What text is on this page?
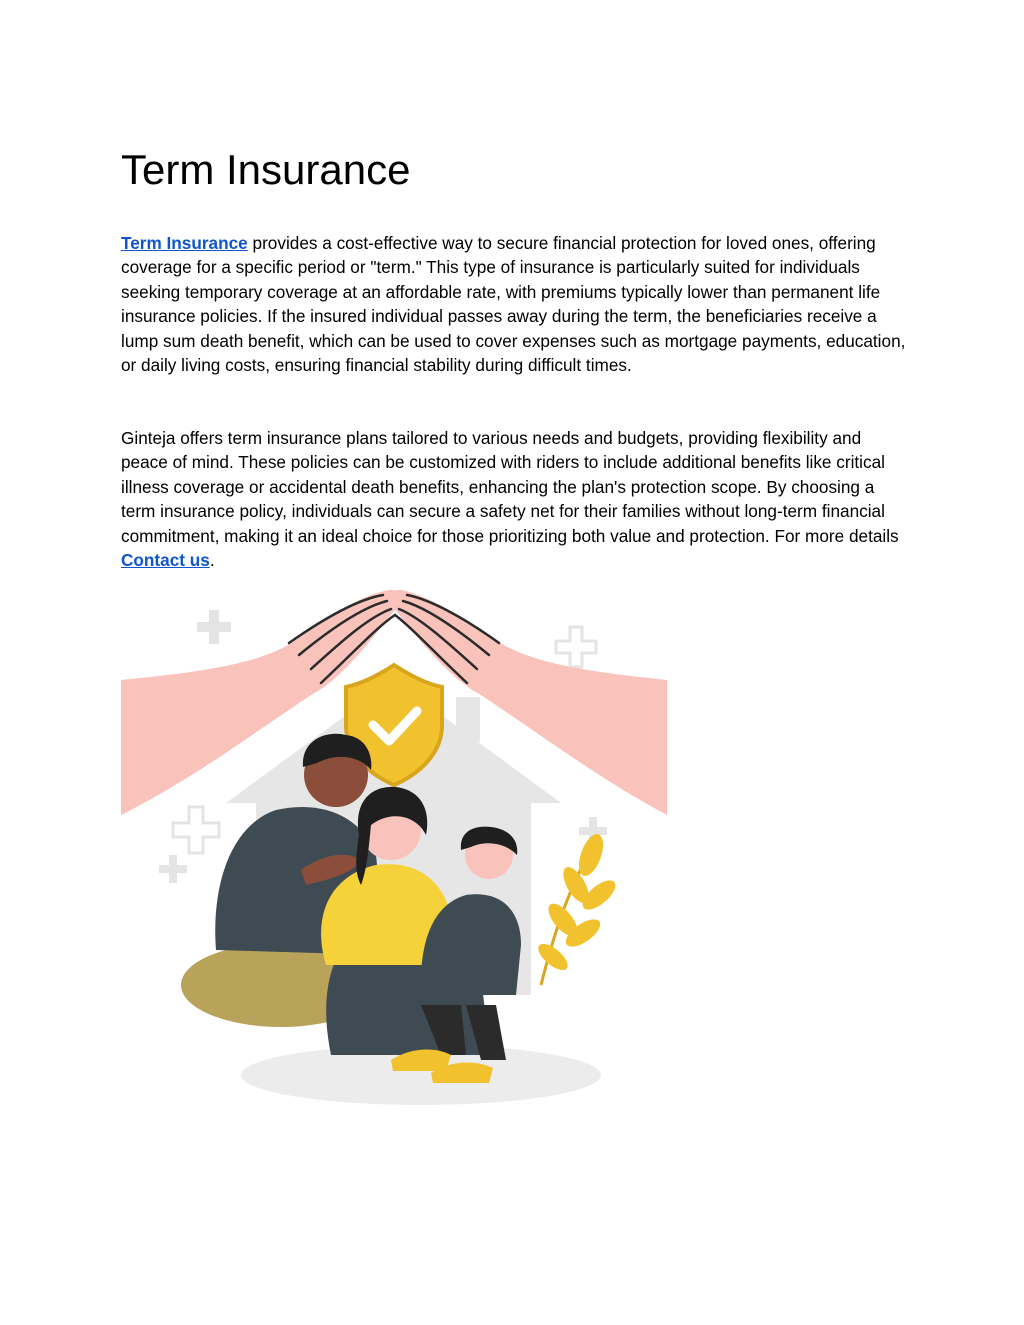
Term Insurance

Term Insurance provides a cost-effective way to secure financial protection for loved ones, offering coverage for a specific period or "term." This type of insurance is particularly suited for individuals seeking temporary coverage at an affordable rate, with premiums typically lower than permanent life insurance policies. If the insured individual passes away during the term, the beneficiaries receive a lump sum death benefit, which can be used to cover expenses such as mortgage payments, education, or daily living costs, ensuring financial stability during difficult times.

Ginteja offers term insurance plans tailored to various needs and budgets, providing flexibility and peace of mind. These policies can be customized with riders to include additional benefits like critical illness coverage or accidental death benefits, enhancing the plan's protection scope. By choosing a term insurance policy, individuals can secure a safety net for their families without long-term financial commitment, making it an ideal choice for those prioritizing both value and protection. For more details Contact us.
